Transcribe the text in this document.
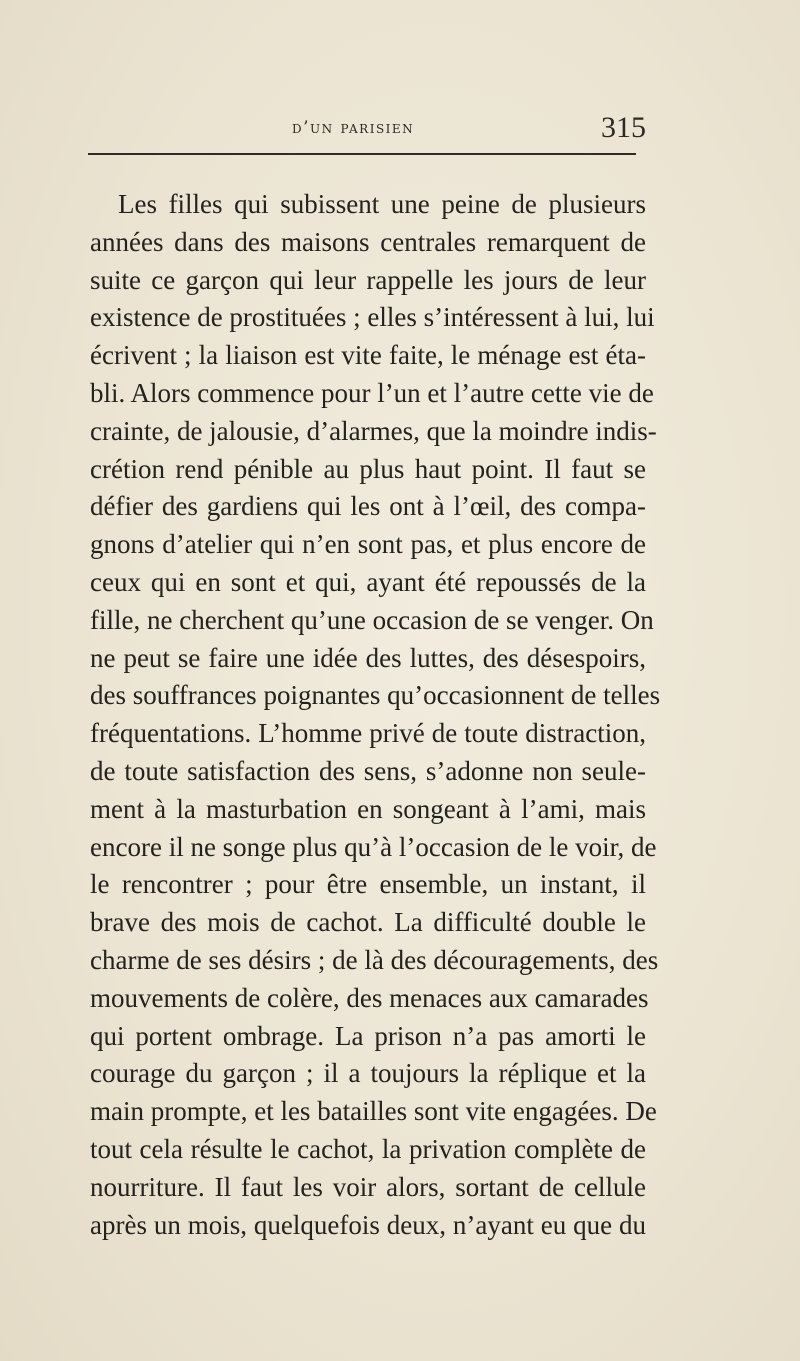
d’un parisien	315
Les filles qui subissent une peine de plusieurs
années dans des maisons centrales remarquent de
suite ce garçon qui leur rappelle les jours de leur
existence de prostituées ; elles s’intéressent à lui, lui
écrivent ; la liaison est vite faite, le ménage est éta-
bli. Alors commence pour l’un et l’autre cette vie de
crainte, de jalousie, d’alarmes, que la moindre indis-
crétion rend pénible au plus haut point. Il faut se
défier des gardiens qui les ont à l’œil, des compa-
gnons d’atelier qui n’en sont pas, et plus encore de
ceux qui en sont et qui, ayant été repoussés de la
fille, ne cherchent qu’une occasion de se venger. On
ne peut se faire une idée des luttes, des désespoirs,
des souffrances poignantes qu’occasionnent de telles
fréquentations. L’homme privé de toute distraction,
de toute satisfaction des sens, s’adonne non seule-
ment à la masturbation en songeant à l’ami, mais
encore il ne songe plus qu’à l’occasion de le voir, de
le rencontrer ; pour être ensemble, un instant, il
brave des mois de cachot. La difficulté double le
charme de ses désirs ; de là des découragements, des
mouvements de colère, des menaces aux camarades
qui portent ombrage. La prison n’a pas amorti le
courage du garçon ; il a toujours la réplique et la
main prompte, et les batailles sont vite engagées. De
tout cela résulte le cachot, la privation complète de
nourriture. Il faut les voir alors, sortant de cellule
après un mois, quelquefois deux, n’ayant eu que du
